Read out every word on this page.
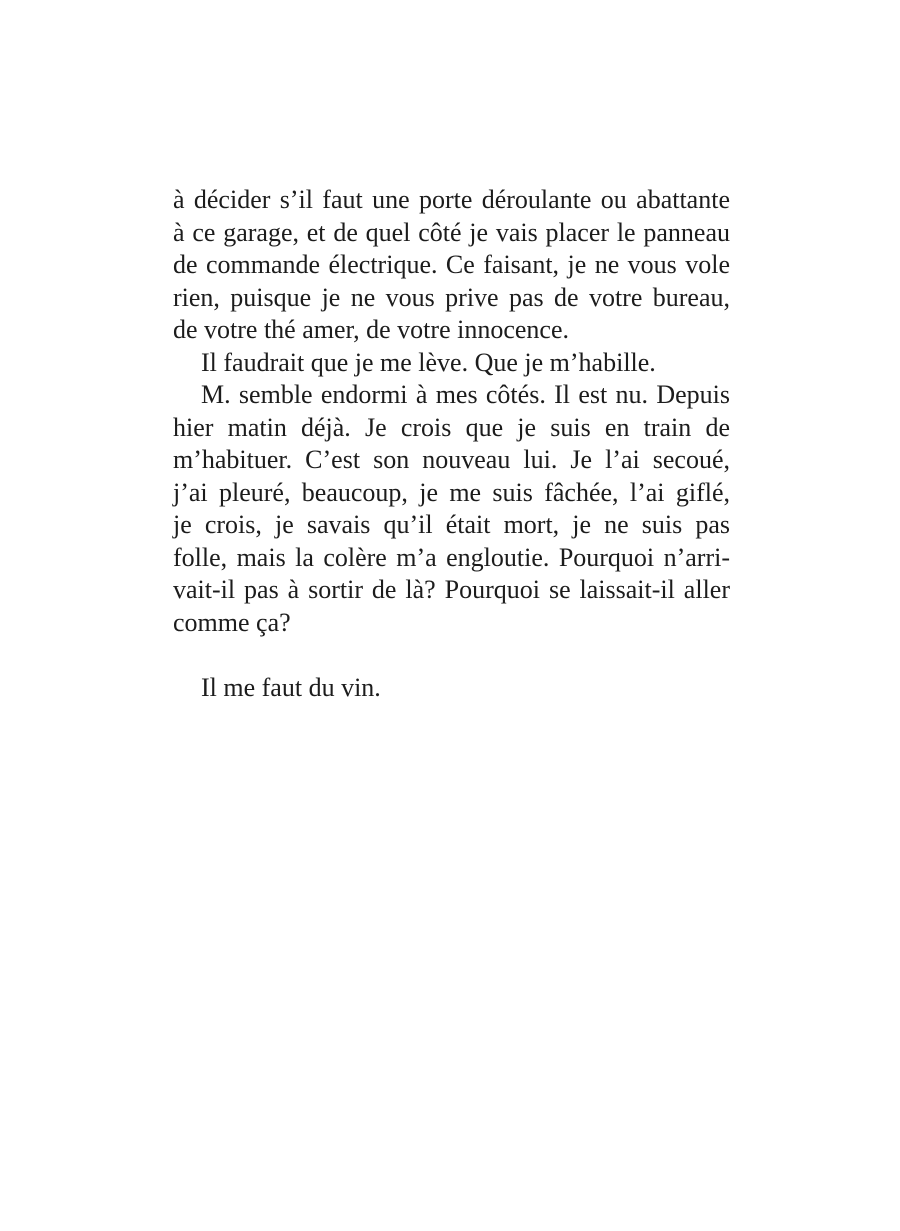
à décider s’il faut une porte déroulante ou abattante
à ce garage, et de quel côté je vais placer le panneau
de commande électrique. Ce faisant, je ne vous vole
rien, puisque je ne vous prive pas de votre bureau,
de votre thé amer, de votre innocence.
Il faudrait que je me lève. Que je m’habille.
M. semble endormi à mes côtés. Il est nu. Depuis
hier matin déjà. Je crois que je suis en train de
m’habituer. C’est son nouveau lui. Je l’ai secoué,
j’ai pleuré, beaucoup, je me suis fâchée, l’ai giflé,
je crois, je savais qu’il était mort, je ne suis pas
folle, mais la colère m’a engloutie. Pourquoi n’arri-
vait-il pas à sortir de là? Pourquoi se laissait-il aller
comme ça?
Il me faut du vin.
